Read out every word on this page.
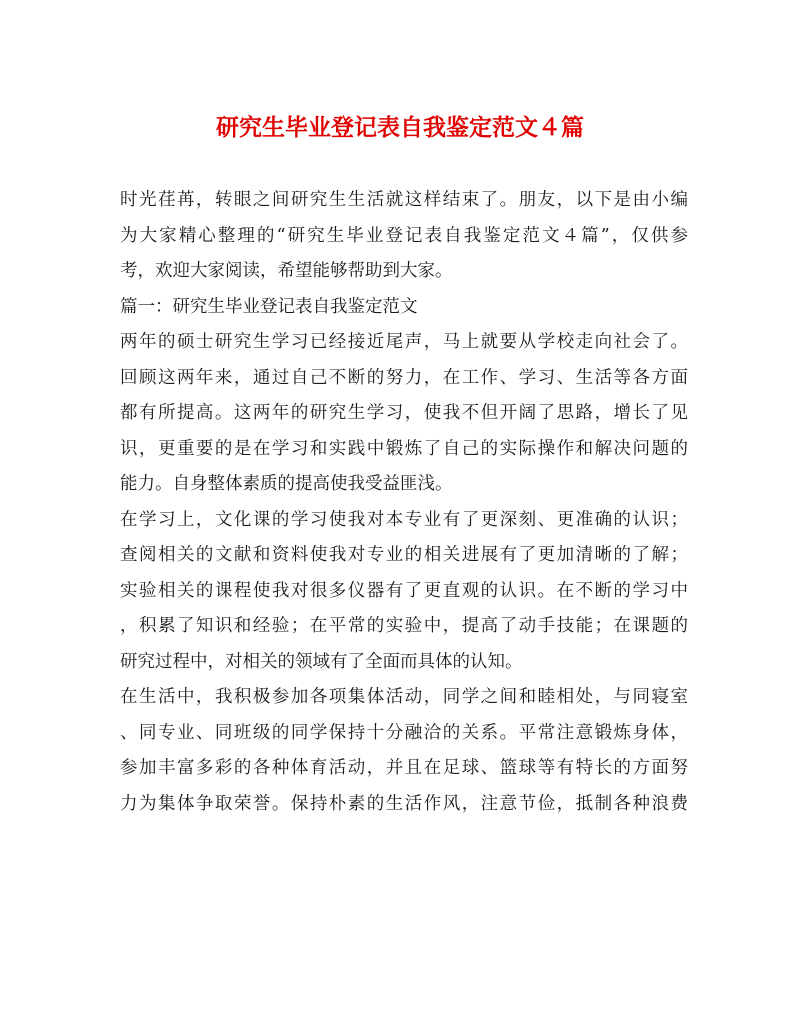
研究生毕业登记表自我鉴定范文４篇
时光荏苒，转眼之间研究生生活就这样结束了。朋友，以下是由小编
为大家精心整理的“研究生毕业登记表自我鉴定范文４篇”，仅供参
考，欢迎大家阅读，希望能够帮助到大家。
篇一：研究生毕业登记表自我鉴定范文
两年的硕士研究生学习已经接近尾声，马上就要从学校走向社会了。
回顾这两年来，通过自己不断的努力，在工作、学习、生活等各方面
都有所提高。这两年的研究生学习，使我不但开阔了思路，增长了见
识，更重要的是在学习和实践中锻炼了自己的实际操作和解决问题的
能力。自身整体素质的提高使我受益匪浅。
在学习上，文化课的学习使我对本专业有了更深刻、更准确的认识；
查阅相关的文献和资料使我对专业的相关进展有了更加清晰的了解；
实验相关的课程使我对很多仪器有了更直观的认识。在不断的学习中
，积累了知识和经验；在平常的实验中，提高了动手技能；在课题的
研究过程中，对相关的领域有了全面而具体的认知。
在生活中，我积极参加各项集体活动，同学之间和睦相处，与同寝室
、同专业、同班级的同学保持十分融洽的关系。平常注意锻炼身体，
参加丰富多彩的各种体育活动，并且在足球、篮球等有特长的方面努
力为集体争取荣誉。保持朴素的生活作风，注意节俭，抵制各种浪费
